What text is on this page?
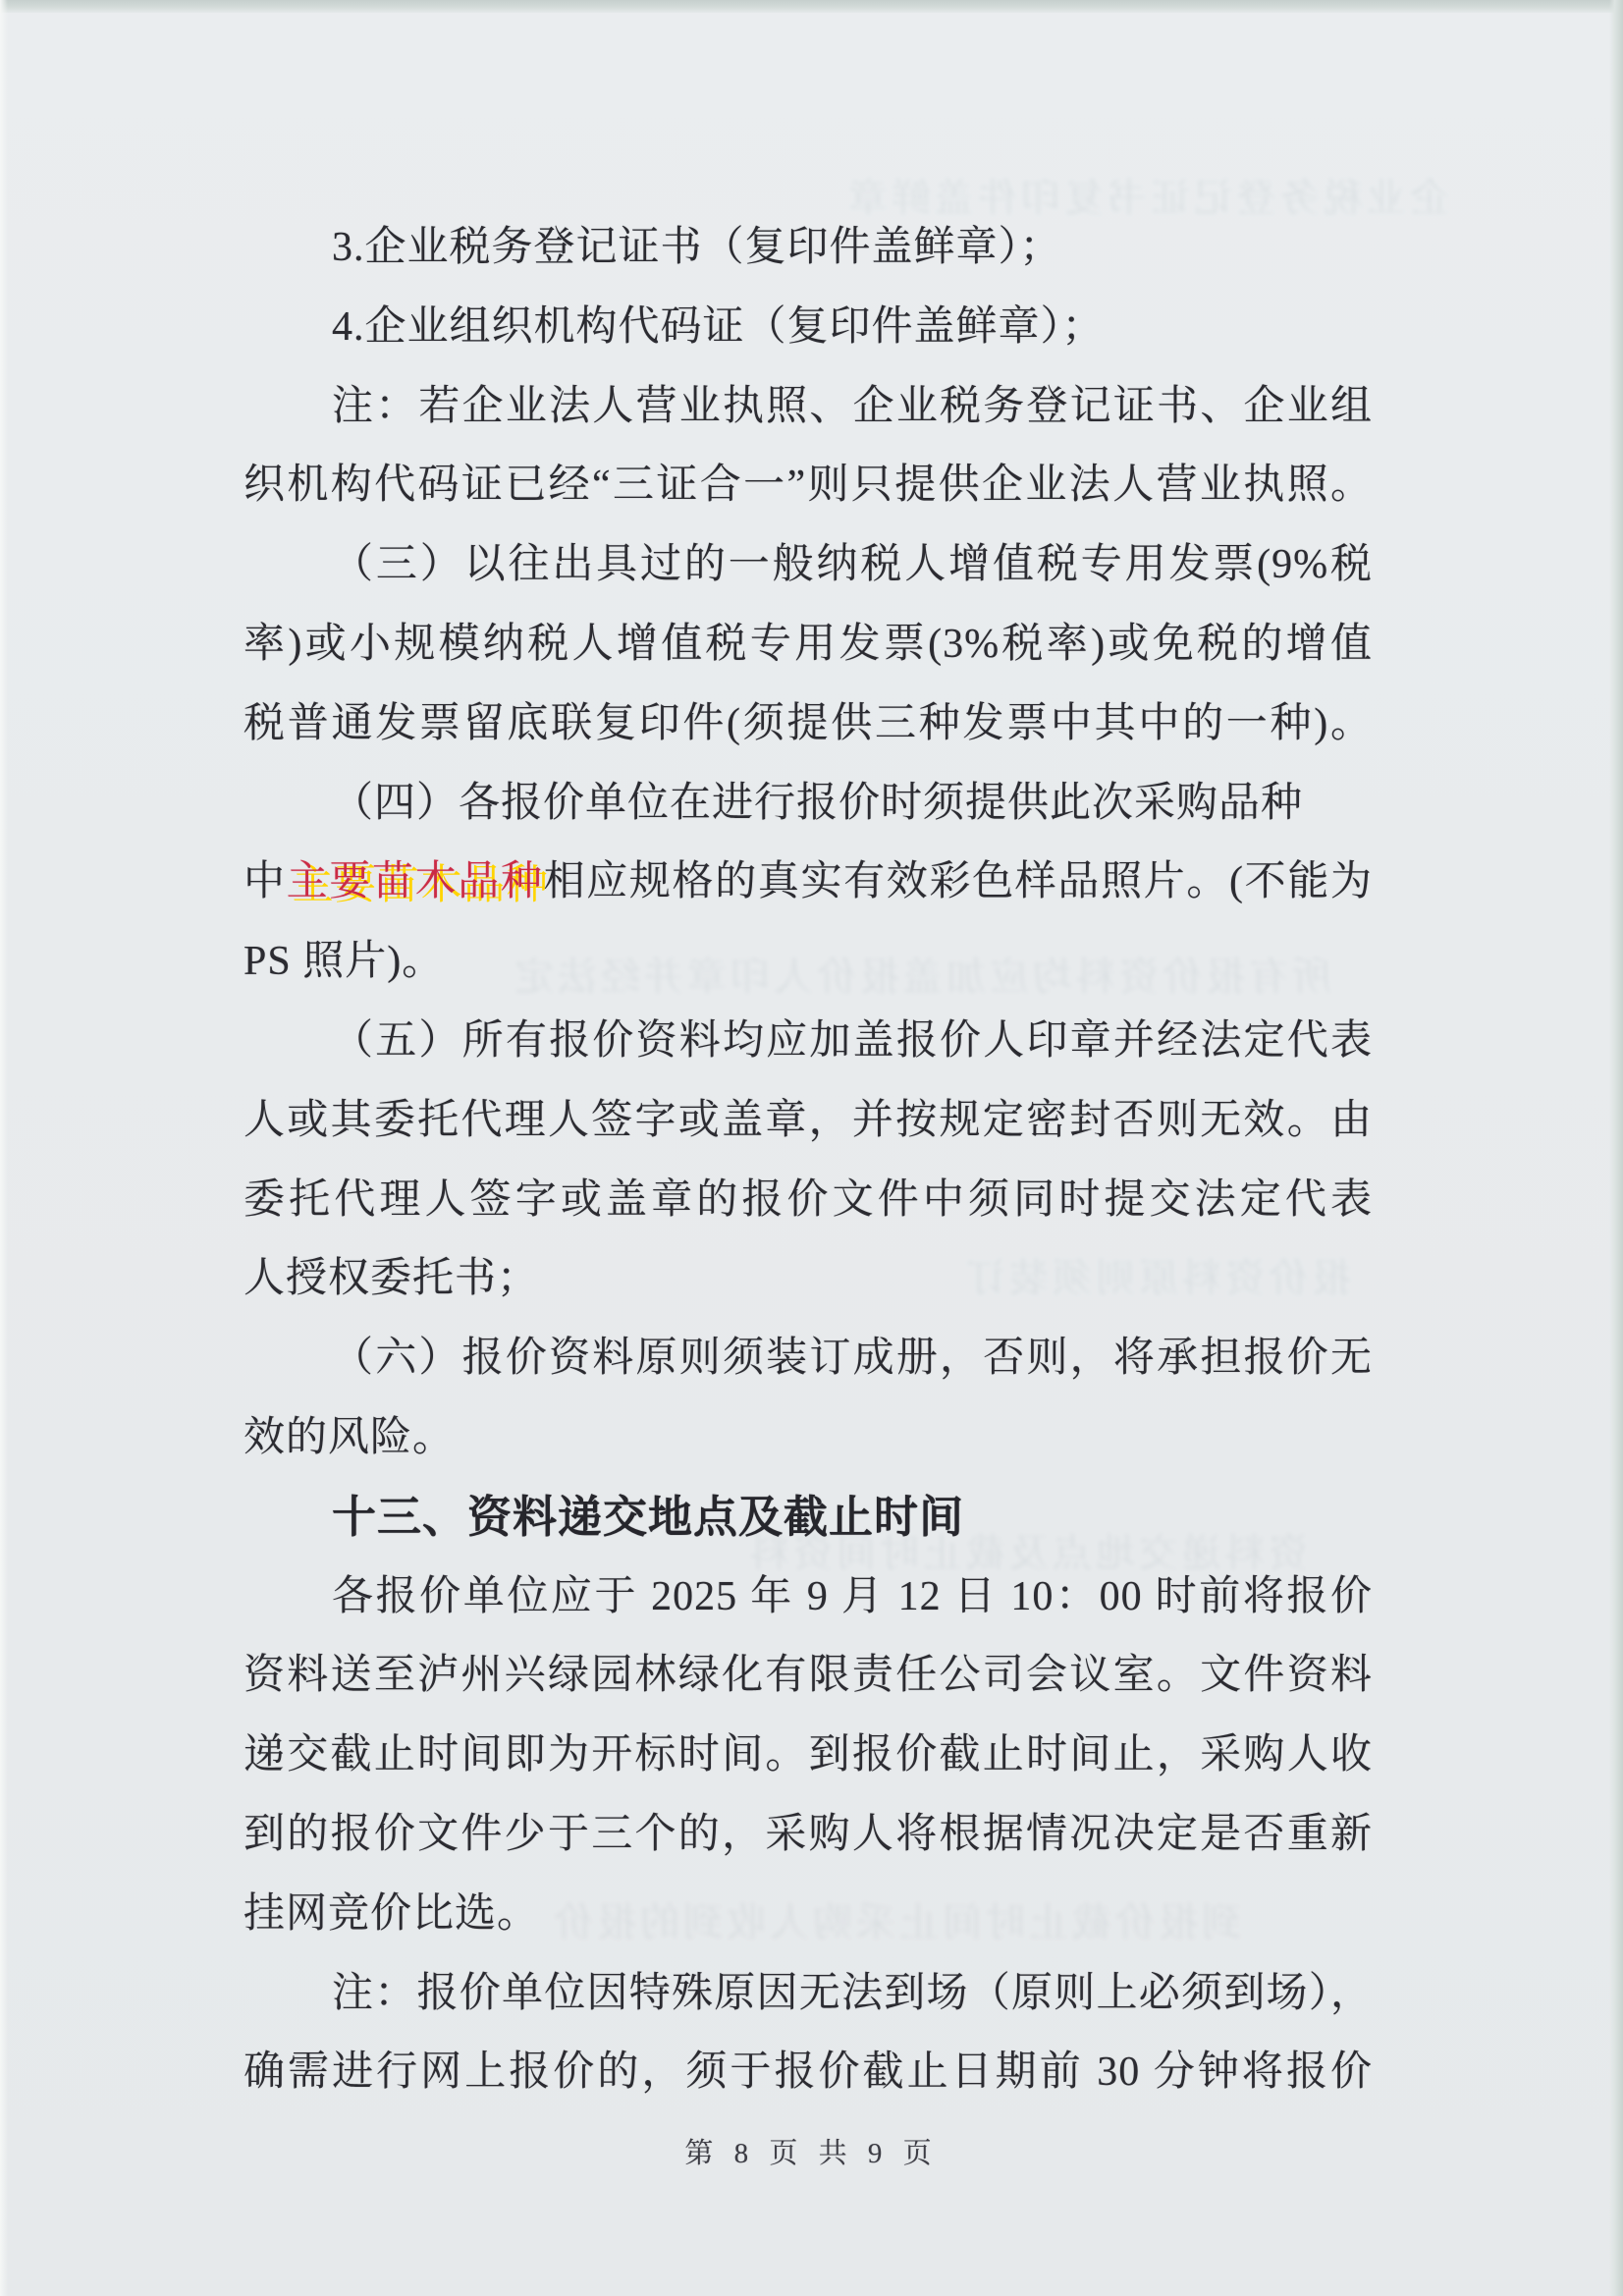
企业税务登记证书复印件盖鲜章
所有报价资料均应加盖报价人印章并经法定
报价资料原则须装订
资料递交地点及截止时间资料
到报价截止时间止采购人收到的报价
3.企业税务登记证书（复印件盖鲜章）；
4.企业组织机构代码证（复印件盖鲜章）；
注：若企业法人营业执照、企业税务登记证书、企业组
织机构代码证已经“三证合一”则只提供企业法人营业执照。
（三）以往出具过的一般纳税人增值税专用发票(9%税
率)或小规模纳税人增值税专用发票(3%税率)或免税的增值
税普通发票留底联复印件(须提供三种发票中其中的一种)。
（四）各报价单位在进行报价时须提供此次采购品种
中主要苗木品种相应规格的真实有效彩色样品照片。(不能为
PS 照片)。
（五）所有报价资料均应加盖报价人印章并经法定代表
人或其委托代理人签字或盖章，并按规定密封否则无效。由
委托代理人签字或盖章的报价文件中须同时提交法定代表
人授权委托书；
（六）报价资料原则须装订成册，否则，将承担报价无
效的风险。
十三、资料递交地点及截止时间
各报价单位应于 2025 年 9 月 12 日 10：00 时前将报价
资料送至泸州兴绿园林绿化有限责任公司会议室。文件资料
递交截止时间即为开标时间。到报价截止时间止，采购人收
到的报价文件少于三个的，采购人将根据情况决定是否重新
挂网竞价比选。
注：报价单位因特殊原因无法到场（原则上必须到场），
确需进行网上报价的，须于报价截止日期前 30 分钟将报价
第 8 页 共 9 页
